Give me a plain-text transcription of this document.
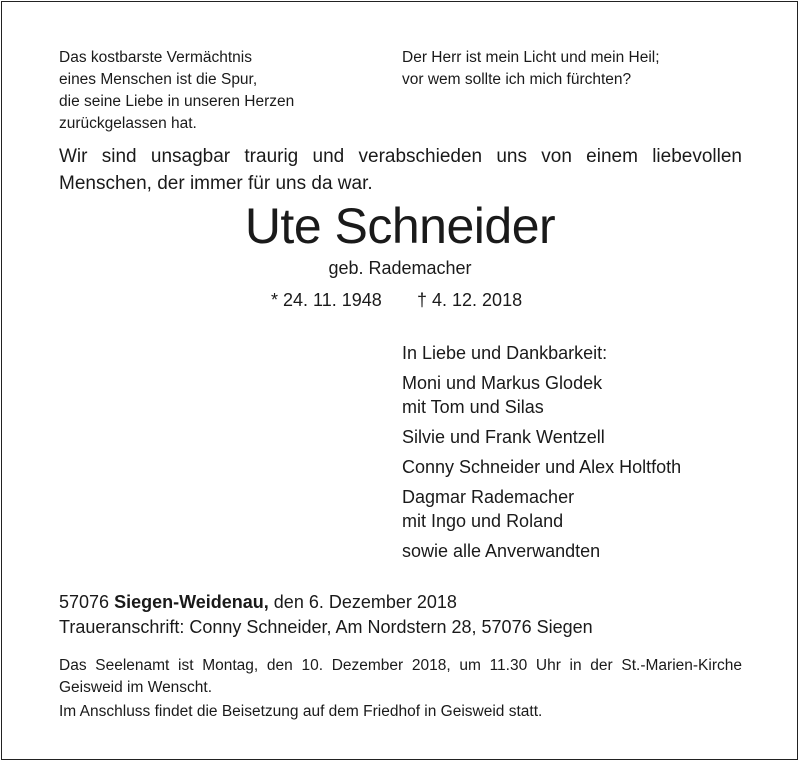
Das kostbarste Vermächtnis
eines Menschen ist die Spur,
die seine Liebe in unseren Herzen
zurückgelassen hat.
Der Herr ist mein Licht und mein Heil;
vor wem sollte ich mich fürchten?
Wir sind unsagbar traurig und verabschieden uns von einem liebevollen Menschen, der immer für uns da war.
Ute Schneider
geb. Rademacher
* 24. 11. 1948 † 4. 12. 2018
In Liebe und Dankbarkeit:
Moni und Markus Glodek
mit Tom und Silas
Silvie und Frank Wentzell
Conny Schneider und Alex Holtfoth
Dagmar Rademacher
mit Ingo und Roland
sowie alle Anverwandten
57076 Siegen-Weidenau, den 6. Dezember 2018
Traueranschrift: Conny Schneider, Am Nordstern 28, 57076 Siegen
Das Seelenamt ist Montag, den 10. Dezember 2018, um 11.30 Uhr in der St.-Marien-Kirche Geisweid im Wenscht.
Im Anschluss findet die Beisetzung auf dem Friedhof in Geisweid statt.
